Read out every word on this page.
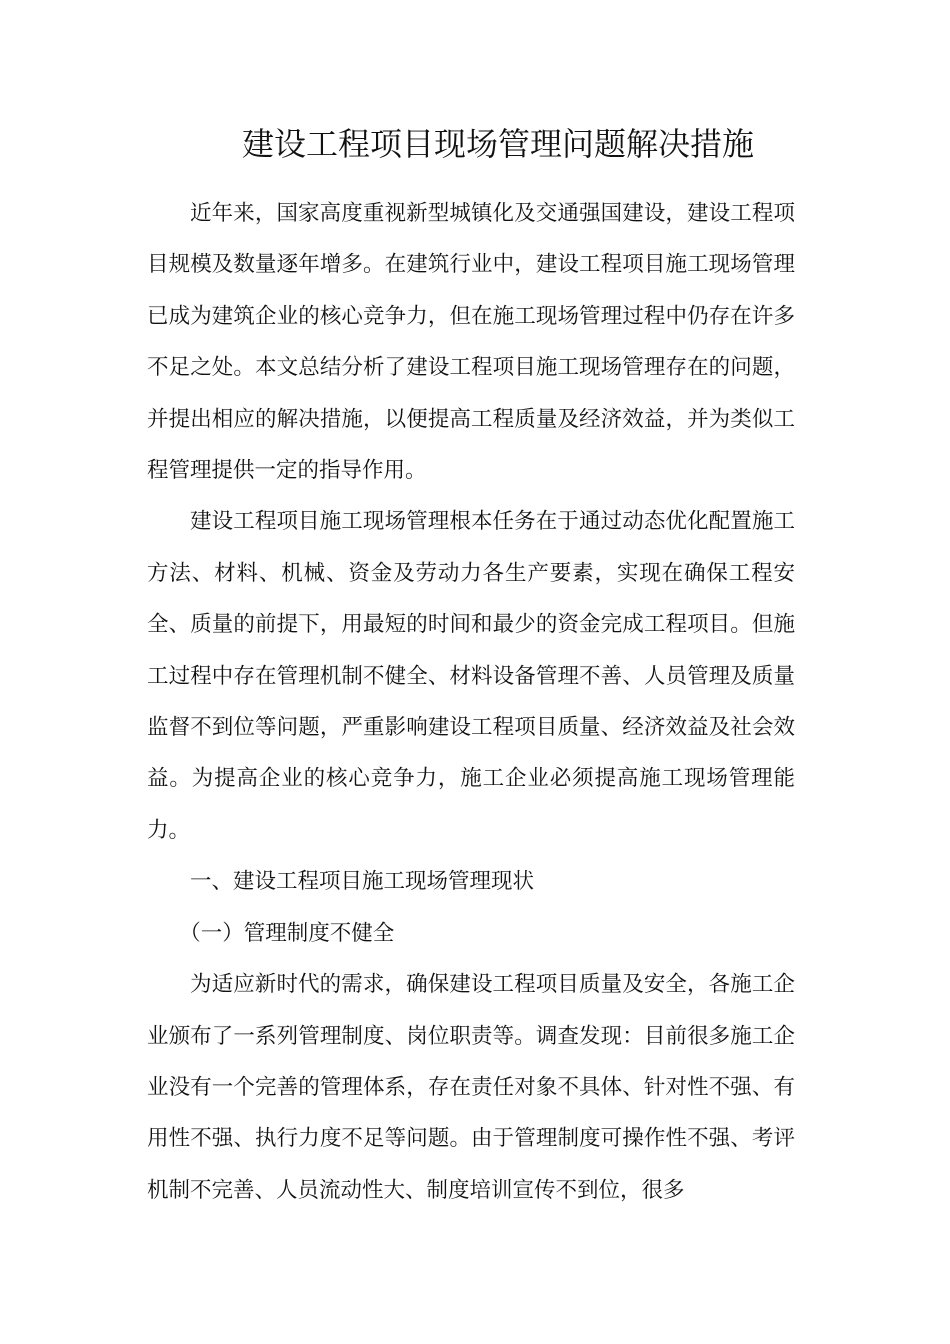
建设工程项目现场管理问题解决措施

近年来，国家高度重视新型城镇化及交通强国建设，建设工程项目规模及数量逐年增多。在建筑行业中，建设工程项目施工现场管理已成为建筑企业的核心竞争力，但在施工现场管理过程中仍存在许多不足之处。本文总结分析了建设工程项目施工现场管理存在的问题，并提出相应的解决措施，以便提高工程质量及经济效益，并为类似工程管理提供一定的指导作用。

建设工程项目施工现场管理根本任务在于通过动态优化配置施工方法、材料、机械、资金及劳动力各生产要素，实现在确保工程安全、质量的前提下，用最短的时间和最少的资金完成工程项目。但施工过程中存在管理机制不健全、材料设备管理不善、人员管理及质量监督不到位等问题，严重影响建设工程项目质量、经济效益及社会效益。为提高企业的核心竞争力，施工企业必须提高施工现场管理能力。

一、建设工程项目施工现场管理现状

（一）管理制度不健全

为适应新时代的需求，确保建设工程项目质量及安全，各施工企业颁布了一系列管理制度、岗位职责等。调查发现：目前很多施工企业没有一个完善的管理体系，存在责任对象不具体、针对性不强、有用性不强、执行力度不足等问题。由于管理制度可操作性不强、考评机制不完善、人员流动性大、制度培训宣传不到位，很多
